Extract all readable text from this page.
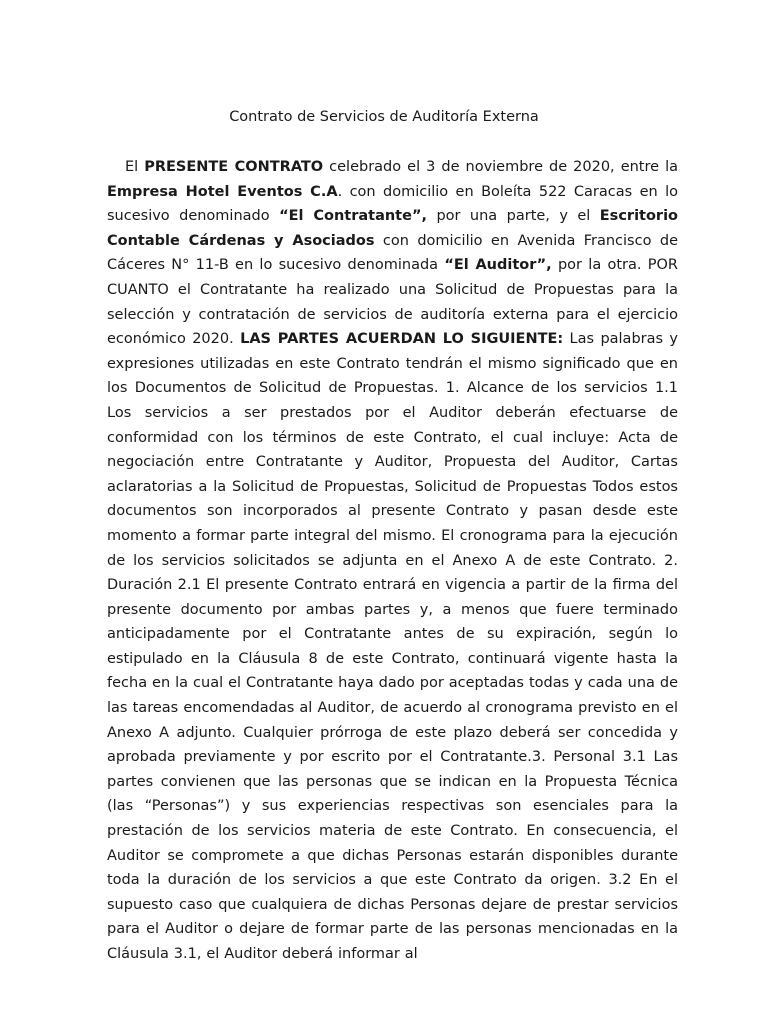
Contrato de Servicios de Auditoría Externa

El PRESENTE CONTRATO celebrado el 3 de noviembre de 2020, entre la Empresa Hotel Eventos C.A. con domicilio en Boleíta 522 Caracas en lo sucesivo denominado “El Contratante”, por una parte, y el Escritorio Contable Cárdenas y Asociados con domicilio en Avenida Francisco de Cáceres N° 11-B en lo sucesivo denominada “El Auditor”, por la otra. POR CUANTO el Contratante ha realizado una Solicitud de Propuestas para la selección y contratación de servicios de auditoría externa para el ejercicio económico 2020. LAS PARTES ACUERDAN LO SIGUIENTE: Las palabras y expresiones utilizadas en este Contrato tendrán el mismo significado que en los Documentos de Solicitud de Propuestas. 1. Alcance de los servicios 1.1 Los servicios a ser prestados por el Auditor deberán efectuarse de conformidad con los términos de este Contrato, el cual incluye: Acta de negociación entre Contratante y Auditor, Propuesta del Auditor, Cartas aclaratorias a la Solicitud de Propuestas, Solicitud de Propuestas Todos estos documentos son incorporados al presente Contrato y pasan desde este momento a formar parte integral del mismo. El cronograma para la ejecución de los servicios solicitados se adjunta en el Anexo A de este Contrato. 2. Duración 2.1 El presente Contrato entrará en vigencia a partir de la firma del presente documento por ambas partes y, a menos que fuere terminado anticipadamente por el Contratante antes de su expiración, según lo estipulado en la Cláusula 8 de este Contrato, continuará vigente hasta la fecha en la cual el Contratante haya dado por aceptadas todas y cada una de las tareas encomendadas al Auditor, de acuerdo al cronograma previsto en el Anexo A adjunto. Cualquier prórroga de este plazo deberá ser concedida y aprobada previamente y por escrito por el Contratante.3. Personal 3.1 Las partes convienen que las personas que se indican en la Propuesta Técnica (las “Personas”) y sus experiencias respectivas son esenciales para la prestación de los servicios materia de este Contrato. En consecuencia, el Auditor se compromete a que dichas Personas estarán disponibles durante toda la duración de los servicios a que este Contrato da origen. 3.2 En el supuesto caso que cualquiera de dichas Personas dejare de prestar servicios para el Auditor o dejare de formar parte de las personas mencionadas en la Cláusula 3.1, el Auditor deberá informar al
